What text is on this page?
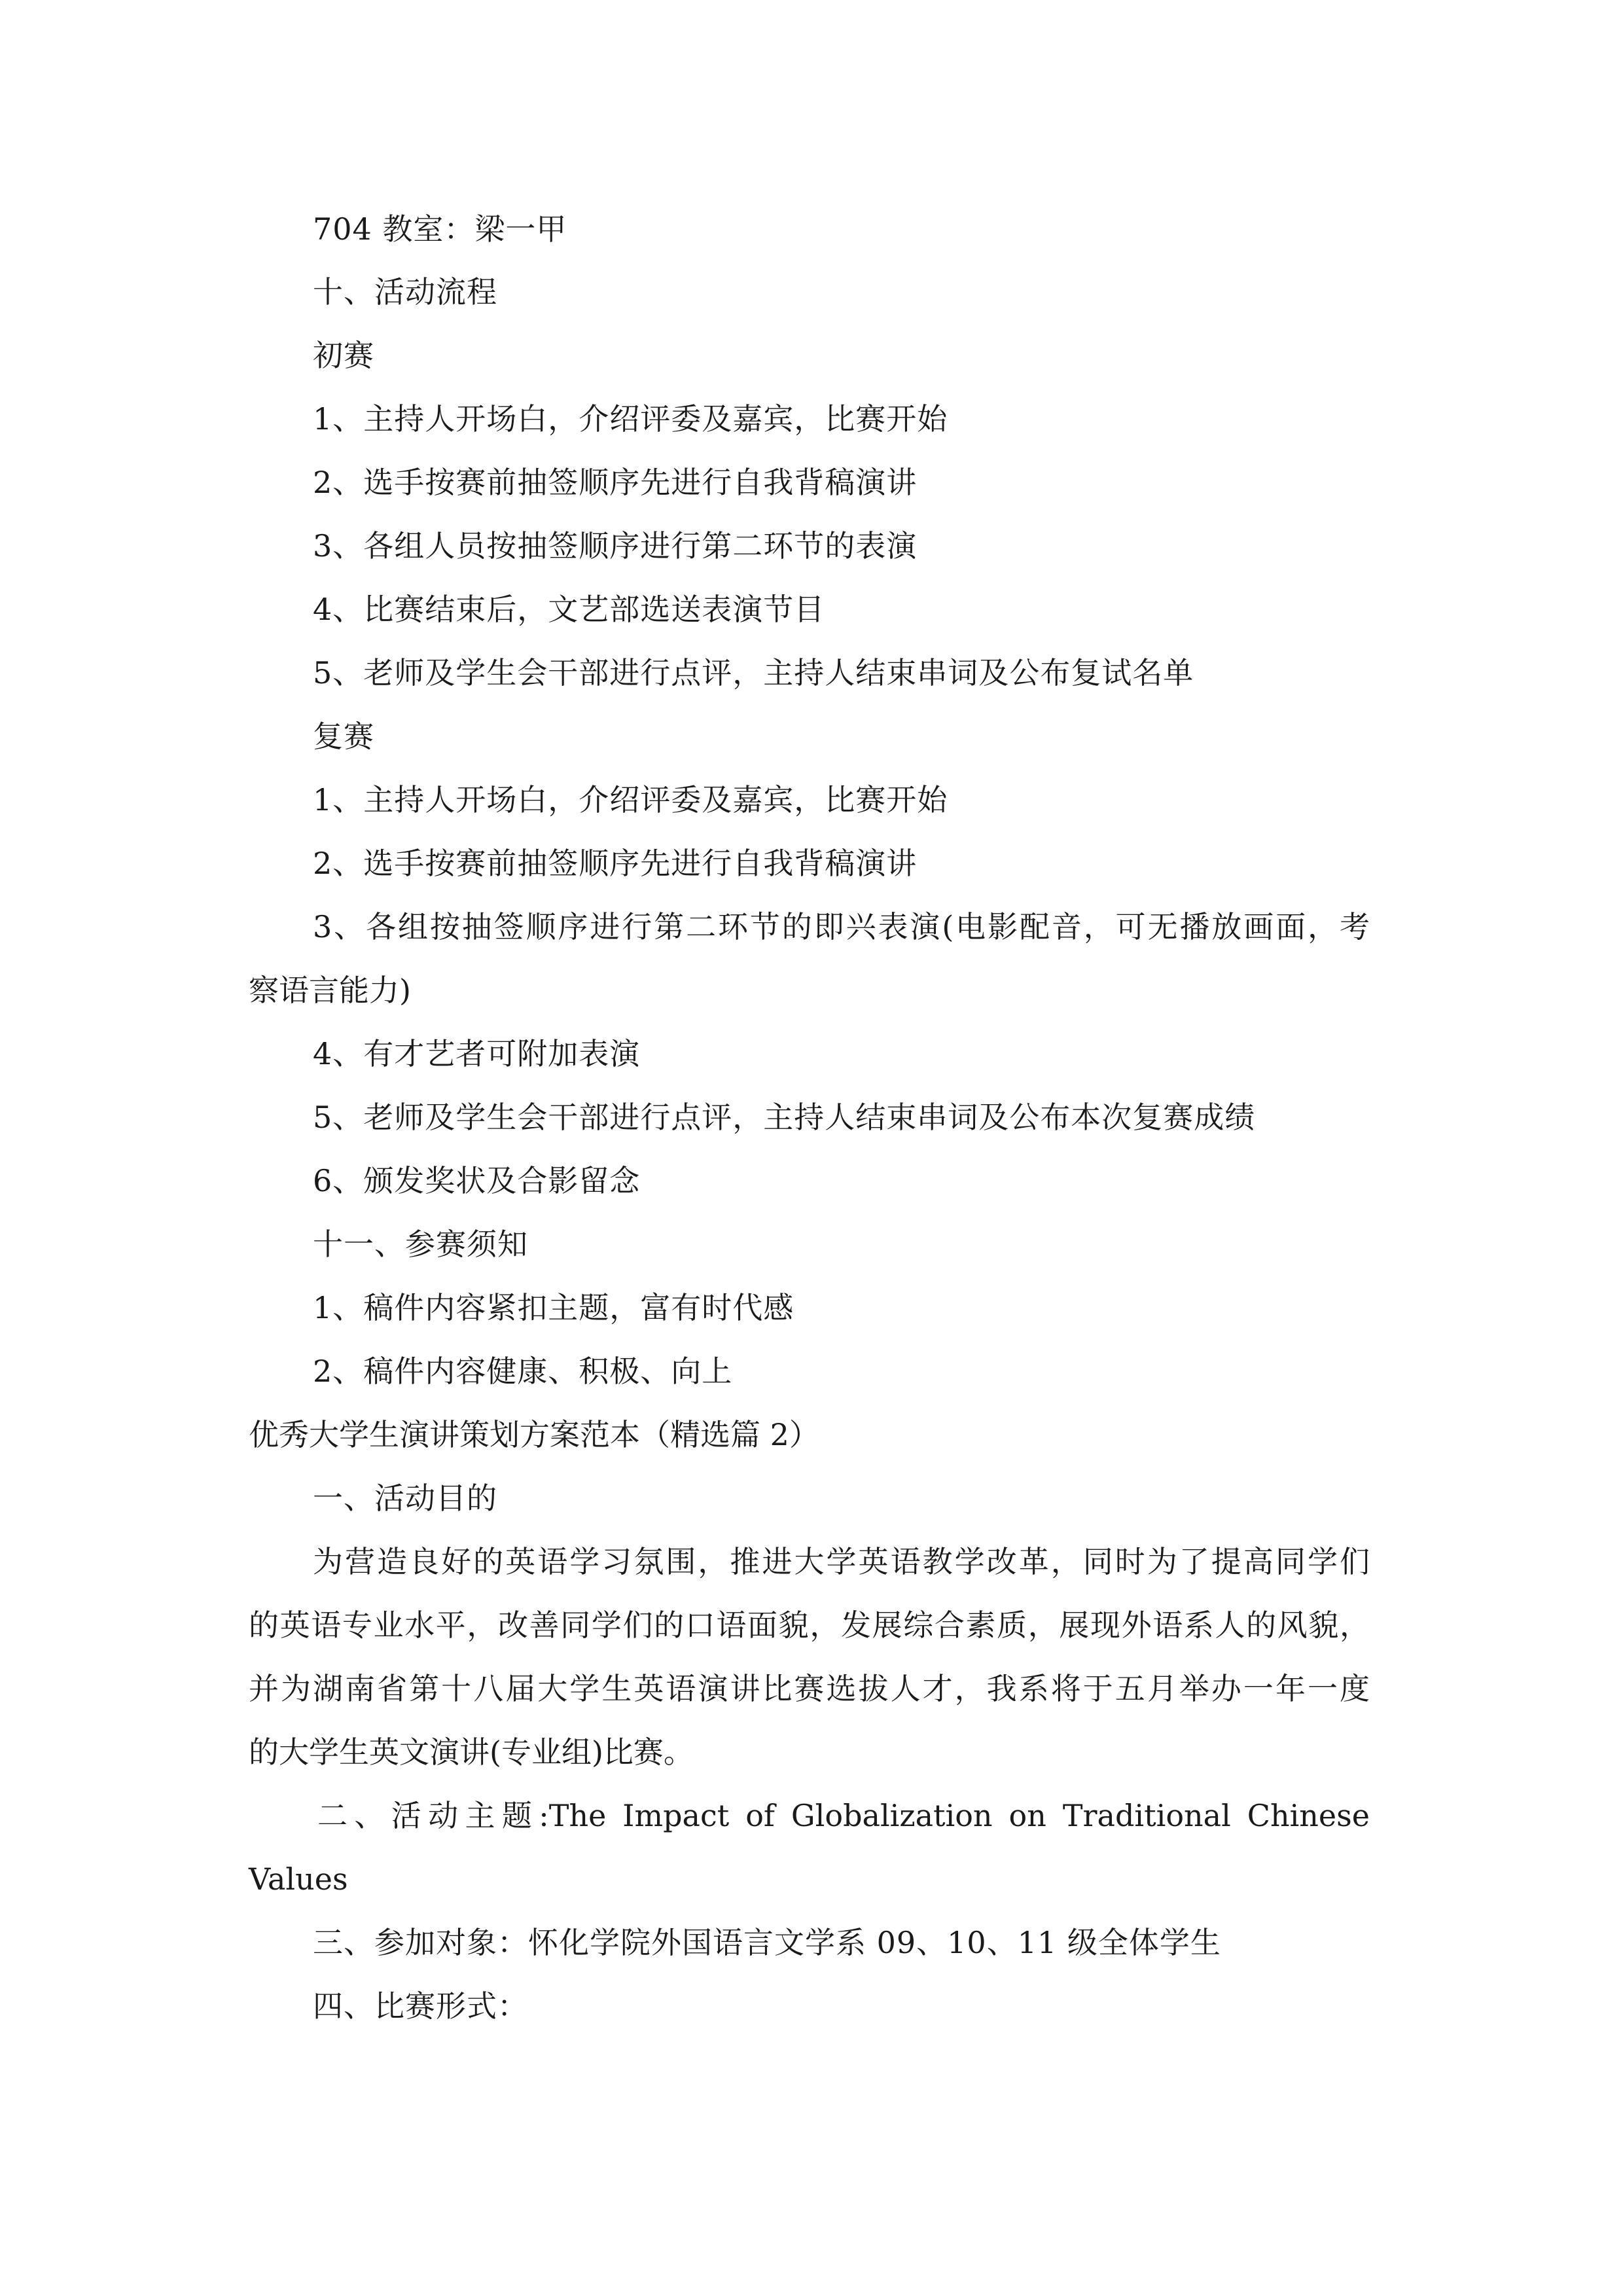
704 教室：梁一甲
十、活动流程
初赛
1、主持人开场白，介绍评委及嘉宾，比赛开始
2、选手按赛前抽签顺序先进行自我背稿演讲
3、各组人员按抽签顺序进行第二环节的表演
4、比赛结束后，文艺部选送表演节目
5、老师及学生会干部进行点评，主持人结束串词及公布复试名单
复赛
1、主持人开场白，介绍评委及嘉宾，比赛开始
2、选手按赛前抽签顺序先进行自我背稿演讲
3、各组按抽签顺序进行第二环节的即兴表演(电影配音，可无播放画面，考
察语言能力)
4、有才艺者可附加表演
5、老师及学生会干部进行点评，主持人结束串词及公布本次复赛成绩
6、颁发奖状及合影留念
十一、参赛须知
1、稿件内容紧扣主题，富有时代感
2、稿件内容健康、积极、向上
优秀大学生演讲策划方案范本（精选篇 2）
一、活动目的
为营造良好的英语学习氛围，推进大学英语教学改革，同时为了提高同学们
的英语专业水平，改善同学们的口语面貌，发展综合素质，展现外语系人的风貌，
并为湖南省第十八届大学生英语演讲比赛选拔人才，我系将于五月举办一年一度
的大学生英文演讲(专业组)比赛。
二、活动主题:The Impact of Globalization on Traditional Chinese
Values
三、参加对象：怀化学院外国语言文学系 09、10、11 级全体学生
四、比赛形式：
